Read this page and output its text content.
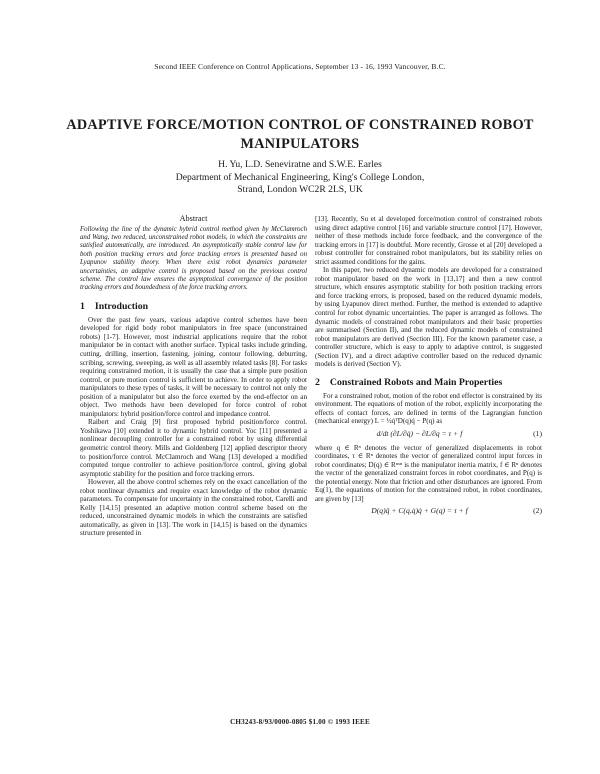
Second IEEE Conference on Control Applications, September 13 - 16, 1993 Vancouver, B.C.
ADAPTIVE FORCE/MOTION CONTROL OF CONSTRAINED ROBOT MANIPULATORS
H. Yu, L.D. Seneviratne and S.W.E. Earles
Department of Mechanical Engineering, King's College London,
Strand, London WC2R 2LS, UK
Abstract

Following the line of the dynamic hybrid control method given by McClamroch and Wang, two reduced, unconstrained robot models, in which the constraints are satisfied automatically, are introduced. An asymptotically stable control law for both position tracking errors and force tracking errors is presented based on Lyapunov stability theory. When there exist robot dynamics parameter uncertainties, an adaptive control is proposed based on the previous control scheme. The control law ensures the asymptotical convergence of the position tracking errors and boundedness of the force tracking errors.

1 Introduction

Over the past few years, various adaptive control schemes have been developed for rigid body robot manipulators in free space (unconstrained robots) [1-7]. However, most industrial applications require that the robot manipulator be in contact with another surface. Typical tasks include grinding, cutting, drilling, insertion, fastening, joining, contour following, deburring, scribing, screwing, sweeping, as well as all assembly related tasks [8]. For tasks requiring constrained motion, it is usually the case that a simple pure position control, or pure motion control is sufficient to achieve. In order to apply robot manipulators to these types of tasks, it will be necessary to control not only the position of a manipulator but also the force exerted by the end-effector on an object. Two methods have been developed for force control of robot manipulators: hybrid position/force control and impedance control.

Raibert and Craig [9] first proposed hybrid position/force control. Yoshikawa [10] extended it to dynamic hybrid control. Yoc [11] presented a nonlinear decoupling controller for a constrained robot by using differential geometric control theory. Mills and Goldenberg [12] applied descriptor theory to position/force control. McClamroch and Wang [13] developed a modified computed torque controller to achieve position/force control, giving global asymptotic stability for the position and force tracking errors.

However, all the above control schemes rely on the exact cancellation of the robot nonlinear dynamics and require exact knowledge of the robot dynamic parameters. To compensate for uncertainty in the constrained robot, Carelli and Kelly [14,15] presented an adaptive motion control scheme based on the reduced, unconstrained dynamic models in which the constraints are satisfied automatically, as given in [13]. The work in [14,15] is based on the dynamics structure presented in

[13]. Recently, Su et al developed force/motion control of constrained robots using direct adaptive control [16] and variable structure control [17]. However, neither of these methods include force feedback, and the convergence of the tracking errors in [17] is doubtful. More recently, Grosse et al [20] developed a robust controller for constrained robot manipulators, but its stability relies on strict assumed conditions for the gains.

In this paper, two reduced dynamic models are developed for a constrained robot manipulator based on the work in [13,17] and then a new control structure, which ensures asymptotic stability for both position tracking errors and force tracking errors, is proposed, based on the reduced dynamic models, by using Lyapunov direct method. Further, the method is extended to adaptive control for robot dynamic uncertainties. The paper is arranged as follows. The dynamic models of constrained robot manipulators and their basic properties are summarised (Section II), and the reduced dynamic models of constrained robot manipulators are derived (Section III). For the known parameter case, a controller structure, which is easy to apply to adaptive control, is suggested (Section IV), and a direct adaptive controller based on the reduced dynamic models is derived (Section V).

2 Constrained Robots and Main Properties

For a constrained robot, motion of the robot end effector is constrained by its environment. The equations of motion of the robot, explicitly incorporating the effects of contact forces, are defined in terms of the Lagrangian function (mechanical energy) L = ½q̇ᵀD(q)q̇ − P(q) as

d/dt (∂L/∂q̇) − ∂L/∂q = τ + f	(1)

where q ∈ Rⁿ denotes the vector of generalized displacements in robot coordinates, τ ∈ Rⁿ denotes the vector of generalized control input forces in robot coordinates; D(q) ∈ Rⁿˣⁿ is the manipulator inertia matrix, f ∈ Rⁿ denotes the vector of the generalized constraint forces in robot coordinates, and P(q) is the potential energy. Note that friction and other disturbances are ignored. From Eq(1), the equations of motion for the constrained robot, in robot coordinates, are given by [13]

D(q)q̈ + C(q,q̇)q̇ + G(q) = τ + f	(2)
CH3243-8/93/0000-0805 $1.00 © 1993 IEEE
